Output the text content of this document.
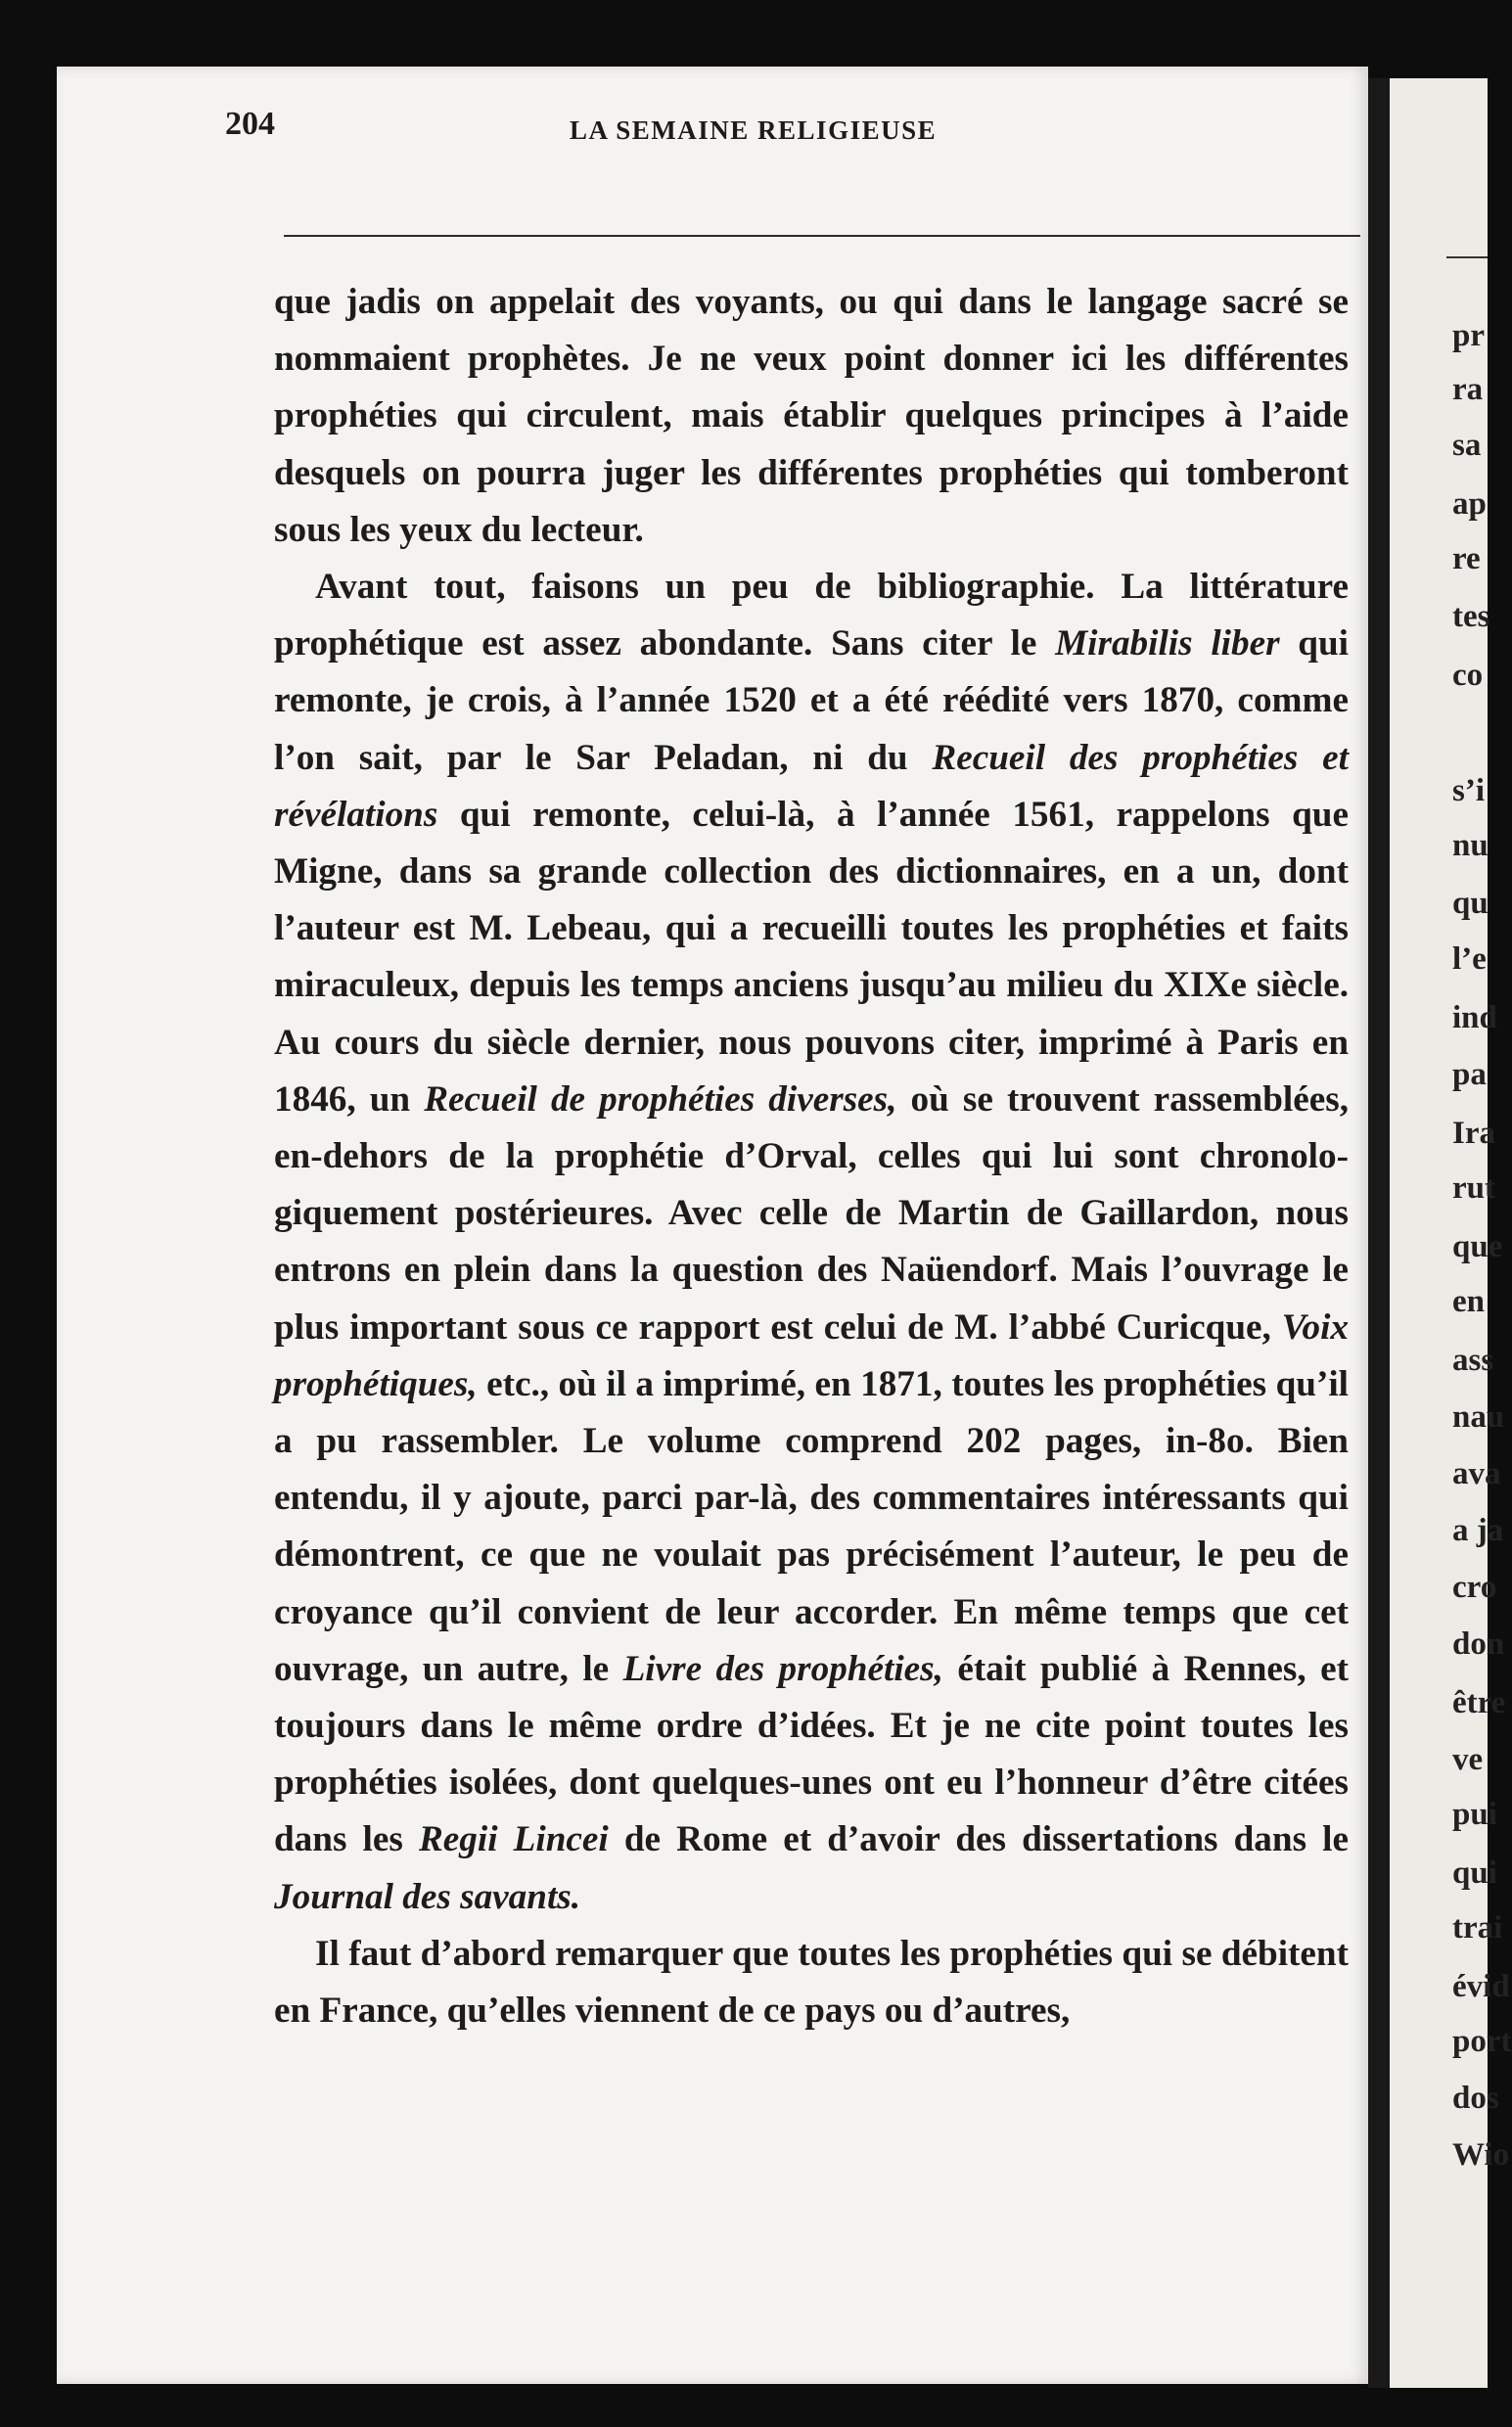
pr
ra
sa
ap
re
tes
co
s’i
nu
qu
l’e
ind
pa
Ira
rut
que
en
ass
nau
ava
a ja
cro
don
être
ve
pui
qui
trai
évid
port
dos
Wio
204	LA SEMAINE RELIGIEUSE

que jadis on appelait des voyants, ou qui dans le langage sacré se nommaient prophètes. Je ne veux point donner ici les différentes prophéties qui circulent, mais établir quelques principes à l’aide desquels on pourra juger les différentes prophéties qui tomberont sous les yeux du lecteur.

Avant tout, faisons un peu de bibliographie. La littérature prophétique est assez abondante. Sans citer le Mirabilis liber qui remonte, je crois, à l’année 1520 et a été réédité vers 1870, comme l’on sait, par le Sar Peladan, ni du Recueil des prophéties et révélations qui remonte, celui-là, à l’année 1561, rappelons que Migne, dans sa grande collection des dictionnaires, en a un, dont l’auteur est M. Lebeau, qui a recueilli toutes les prophéties et faits miraculeux, depuis les temps anciens jusqu’au milieu du XIXe siècle. Au cours du siècle dernier, nous pouvons citer, imprimé à Paris en 1846, un Recueil de prophéties diverses, où se trouvent rassemblées, en-dehors de la prophétie d’Orval, celles qui lui sont chronologiquement postérieures. Avec celle de Martin de Gaillardon, nous entrons en plein dans la question des Naüendorf. Mais l’ouvrage le plus important sous ce rapport est celui de M. l’abbé Curicque, Voix prophétiques, etc., où il a imprimé, en 1871, toutes les prophéties qu’il a pu rassembler. Le volume comprend 202 pages, in-8o. Bien entendu, il y ajoute, parci par-là, des commentaires intéressants qui démontrent, ce que ne voulait pas précisément l’auteur, le peu de croyance qu’il convient de leur accorder. En même temps que cet ouvrage, un autre, le Livre des prophéties, était publié à Rennes, et toujours dans le même ordre d’idées. Et je ne cite point toutes les prophéties isolées, dont quelques-unes ont eu l’honneur d’être citées dans les Regii Lincei de Rome et d’avoir des dissertations dans le Journal des savants.

Il faut d’abord remarquer que toutes les prophéties qui se débitent en France, qu’elles viennent de ce pays ou d’autres,
